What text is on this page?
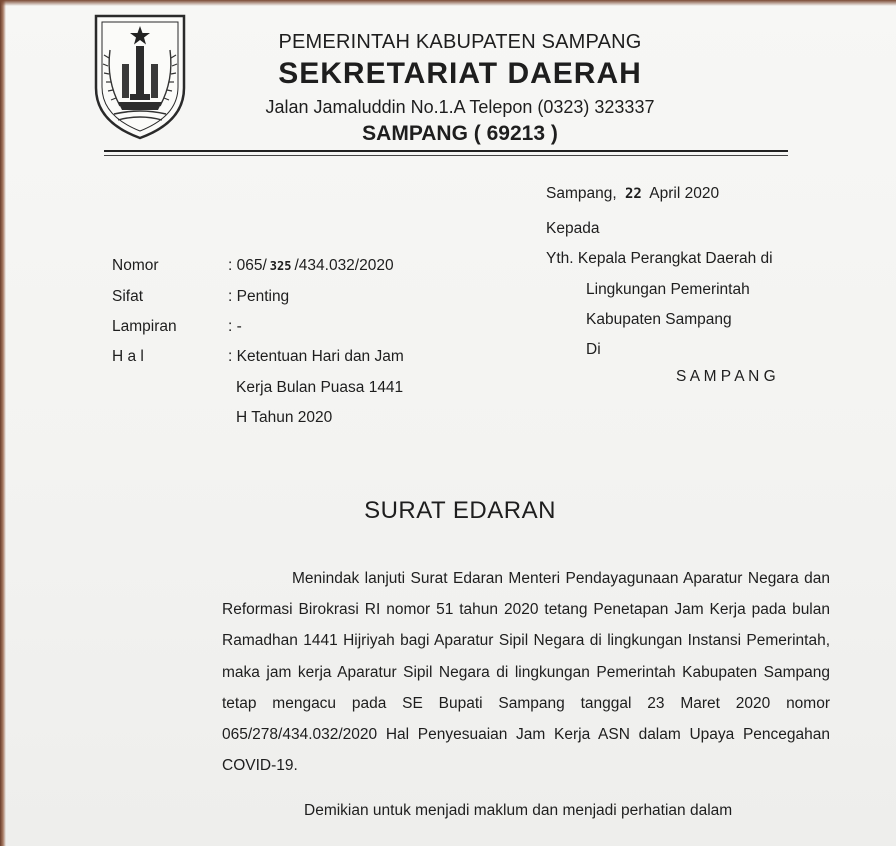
PEMERINTAH KABUPATEN SAMPANG
SEKRETARIAT DAERAH
Jalan Jamaluddin No.1.A Telepon (0323) 323337
SAMPANG ( 69213 )
Sampang, 22 April 2020
Kepada
Yth. Kepala Perangkat Daerah di
Lingkungan Pemerintah
Kabupaten Sampang
Di
S A M P A N G
Nomor	: 065/ 325 /434.032/2020
Sifat	: Penting
Lampiran	: -
H a l	: Ketentuan Hari dan Jam
Kerja Bulan Puasa 1441
H Tahun 2020
SURAT EDARAN
Menindak lanjuti Surat Edaran Menteri Pendayagunaan Aparatur Negara dan Reformasi Birokrasi RI nomor 51 tahun 2020 tetang Penetapan Jam Kerja pada bulan Ramadhan 1441 Hijriyah bagi Aparatur Sipil Negara di lingkungan Instansi Pemerintah, maka jam kerja Aparatur Sipil Negara di lingkungan Pemerintah Kabupaten Sampang tetap mengacu pada SE Bupati Sampang tanggal 23 Maret 2020 nomor 065/278/434.032/2020 Hal Penyesuaian Jam Kerja ASN dalam Upaya Pencegahan COVID-19.
Demikian untuk menjadi maklum dan menjadi perhatian dalam
